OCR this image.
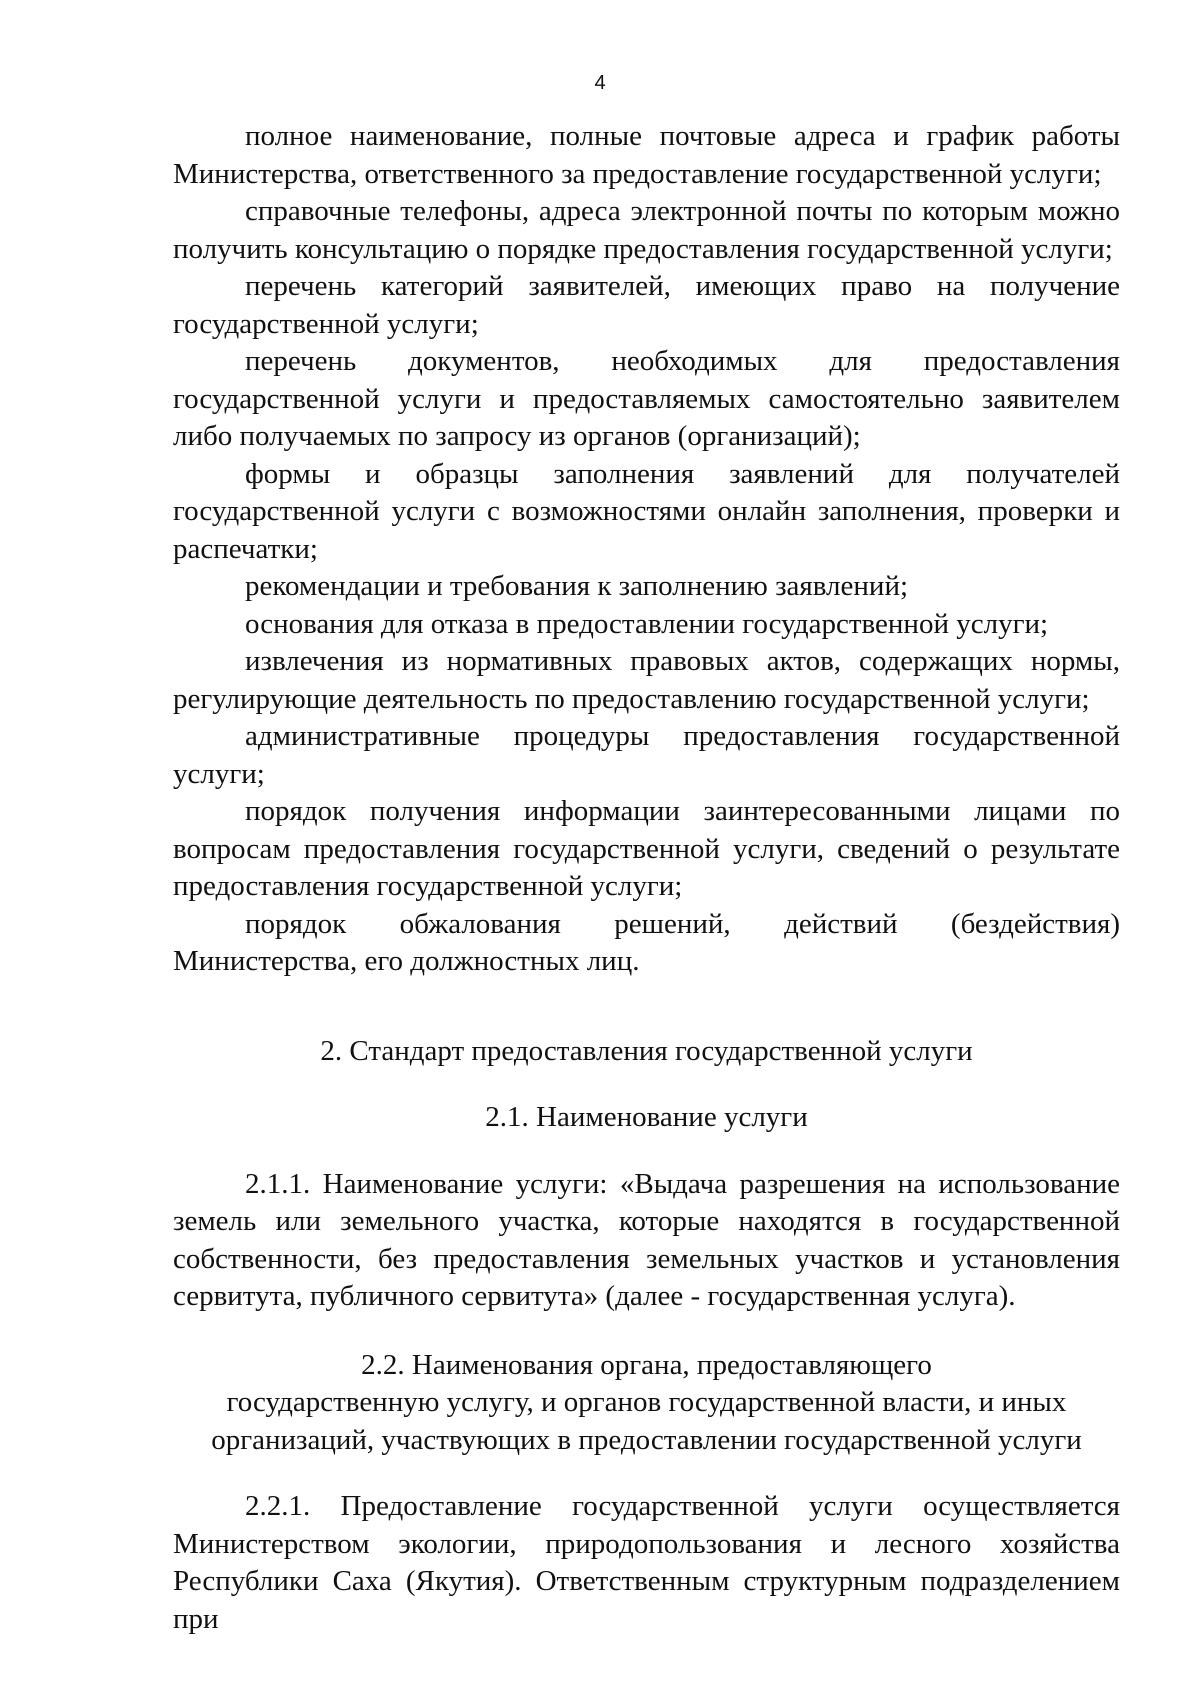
4

полное наименование, полные почтовые адреса и график работы Министерства, ответственного за предоставление государственной услуги;

справочные телефоны, адреса электронной почты по которым можно получить консультацию о порядке предоставления государственной услуги;

перечень категорий заявителей, имеющих право на получение государственной услуги;

перечень документов, необходимых для предоставления государственной услуги и предоставляемых самостоятельно заявителем либо получаемых по запросу из органов (организаций);

формы и образцы заполнения заявлений для получателей государственной услуги с возможностями онлайн заполнения, проверки и распечатки;

рекомендации и требования к заполнению заявлений;

основания для отказа в предоставлении государственной услуги;

извлечения из нормативных правовых актов, содержащих нормы, регулирующие деятельность по предоставлению государственной услуги;

административные процедуры предоставления государственной услуги;

порядок получения информации заинтересованными лицами по вопросам предоставления государственной услуги, сведений о результате предоставления государственной услуги;

порядок обжалования решений, действий (бездействия) Министерства, его должностных лиц.

2. Стандарт предоставления государственной услуги

2.1. Наименование услуги

2.1.1. Наименование услуги: «Выдача разрешения на использование земель или земельного участка, которые находятся в государственной собственности, без предоставления земельных участков и установления сервитута, публичного сервитута» (далее - государственная услуга).

2.2. Наименования органа, предоставляющего

государственную услугу, и органов государственной власти, и иных

организаций, участвующих в предоставлении государственной услуги

2.2.1. Предоставление государственной услуги осуществляется Министерством экологии, природопользования и лесного хозяйства Республики Саха (Якутия). Ответственным структурным подразделением при
